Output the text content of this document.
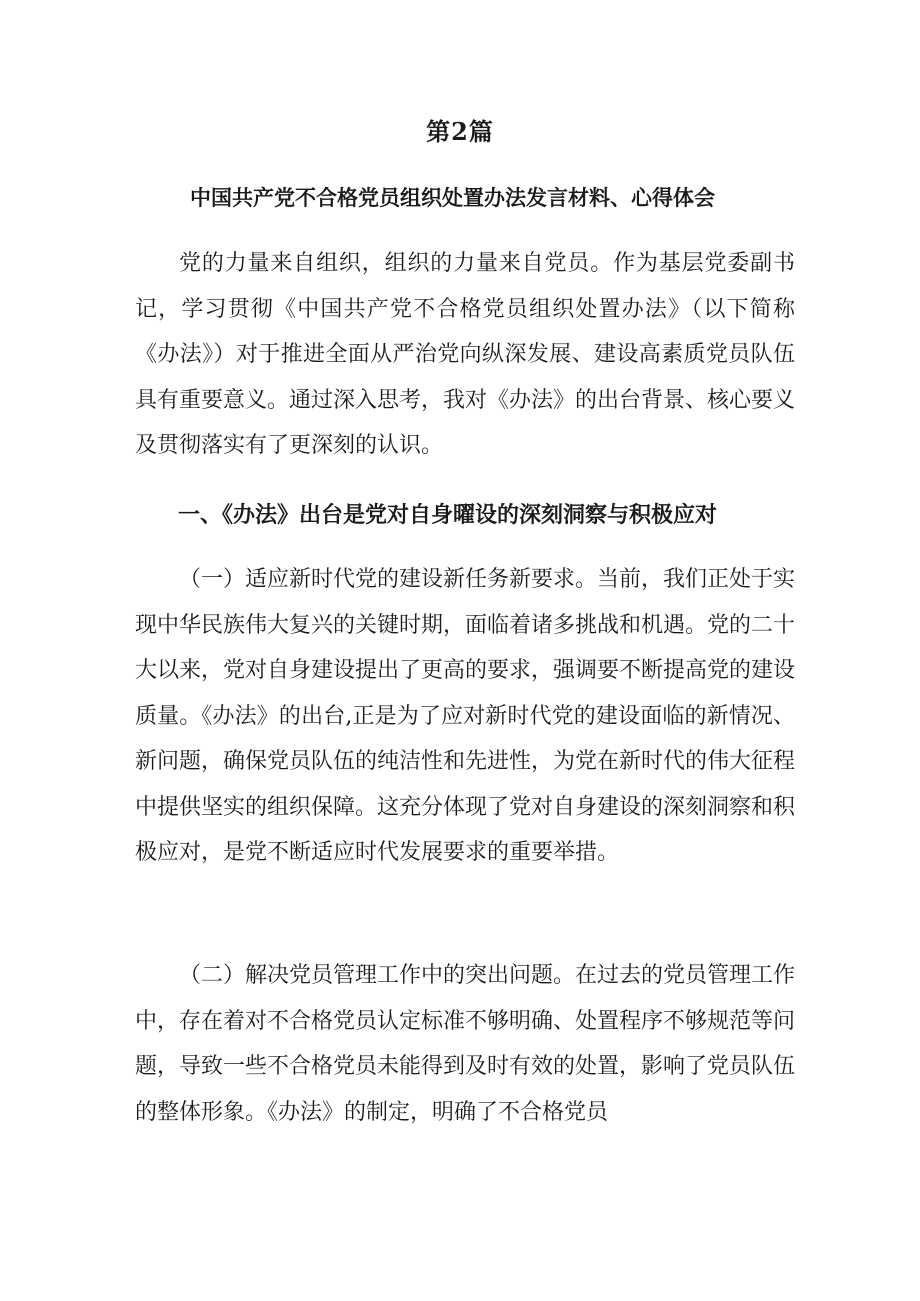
第2篇
中国共产党不合格党员组织处置办法发言材料、心得体会

党的力量来自组织，组织的力量来自党员。作为基层党委副书记，学习贯彻《中国共产党不合格党员组织处置办法》（以下简称《办法》）对于推进全面从严治党向纵深发展、建设高素质党员队伍具有重要意义。通过深入思考，我对《办法》的出台背景、核心要义及贯彻落实有了更深刻的认识。

一、《办法》出台是党对自身曜设的深刻洞察与积极应对

（一）适应新时代党的建设新任务新要求。当前，我们正处于实现中华民族伟大复兴的关键时期，面临着诸多挑战和机遇。党的二十大以来，党对自身建设提出了更高的要求，强调要不断提高党的建设质量。《办法》的出台,正是为了应对新时代党的建设面临的新情况、新问题，确保党员队伍的纯洁性和先进性，为党在新时代的伟大征程中提供坚实的组织保障。这充分体现了党对自身建设的深刻洞察和积极应对，是党不断适应时代发展要求的重要举措。

（二）解决党员管理工作中的突出问题。在过去的党员管理工作中，存在着对不合格党员认定标准不够明确、处置程序不够规范等问题，导致一些不合格党员未能得到及时有效的处置，影响了党员队伍的整体形象。《办法》的制定，明确了不合格党员
